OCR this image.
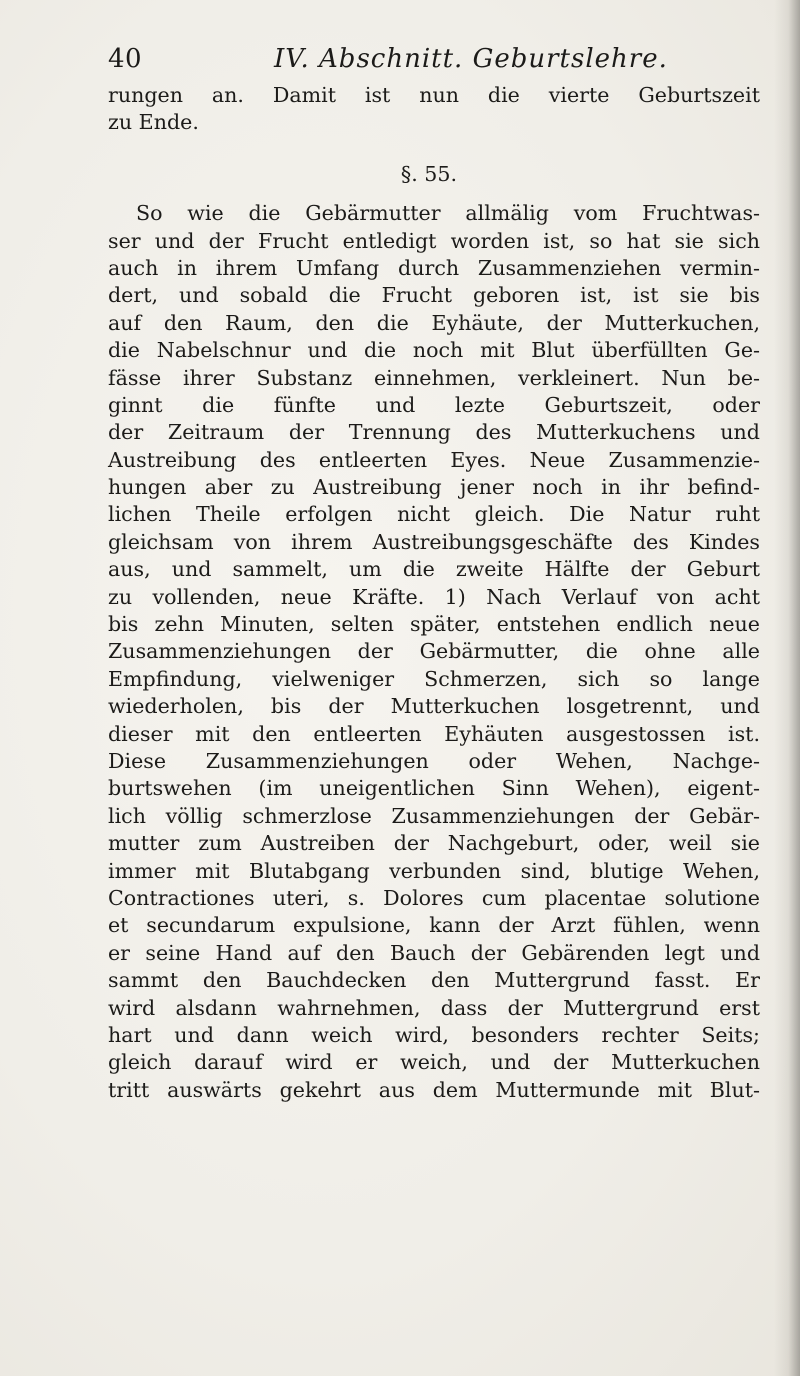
40	IV. Abschnitt. Geburtslehre.
rungen an. Damit ist nun die vierte Geburtszeit
zu Ende.
§. 55.
So wie die Gebärmutter allmälig vom Fruchtwas-
ser und der Frucht entledigt worden ist, so hat sie sich
auch in ihrem Umfang durch Zusammenziehen vermin-
dert, und sobald die Frucht geboren ist, ist sie bis
auf den Raum, den die Eyhäute, der Mutterkuchen,
die Nabelschnur und die noch mit Blut überfüllten Ge-
fässe ihrer Substanz einnehmen, verkleinert. Nun be-
ginnt die fünfte und lezte Geburtszeit, oder
der Zeitraum der Trennung des Mutterkuchens und
Austreibung des entleerten Eyes. Neue Zusammenzie-
hungen aber zu Austreibung jener noch in ihr befind-
lichen Theile erfolgen nicht gleich. Die Natur ruht
gleichsam von ihrem Austreibungsgeschäfte des Kindes
aus, und sammelt, um die zweite Hälfte der Geburt
zu vollenden, neue Kräfte. 1) Nach Verlauf von acht
bis zehn Minuten, selten später, entstehen endlich neue
Zusammenziehungen der Gebärmutter, die ohne alle
Empfindung, vielweniger Schmerzen, sich so lange
wiederholen, bis der Mutterkuchen losgetrennt, und
dieser mit den entleerten Eyhäuten ausgestossen ist.
Diese Zusammenziehungen oder Wehen, Nachge-
burtswehen (im uneigentlichen Sinn Wehen), eigent-
lich völlig schmerzlose Zusammenziehungen der Gebär-
mutter zum Austreiben der Nachgeburt, oder, weil sie
immer mit Blutabgang verbunden sind, blutige Wehen,
Contractiones uteri, s. Dolores cum placentae solutione
et secundarum expulsione, kann der Arzt fühlen, wenn
er seine Hand auf den Bauch der Gebärenden legt und
sammt den Bauchdecken den Muttergrund fasst. Er
wird alsdann wahrnehmen, dass der Muttergrund erst
hart und dann weich wird, besonders rechter Seits;
gleich darauf wird er weich, und der Mutterkuchen
tritt auswärts gekehrt aus dem Muttermunde mit Blut-
